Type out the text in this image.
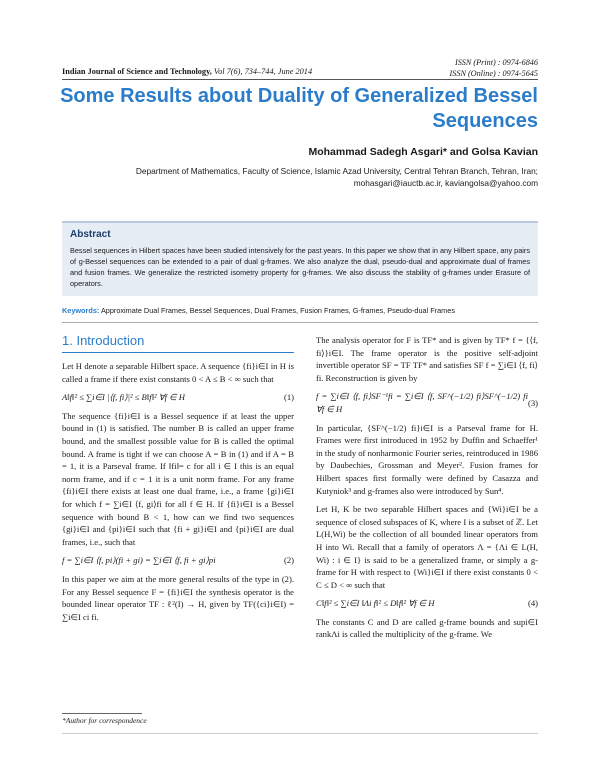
ISSN (Print) : 0974-6846
ISSN (Online) : 0974-5645
Indian Journal of Science and Technology, Vol 7(6), 734–744, June 2014
Some Results about Duality of Generalized Bessel Sequences
Mohammad Sadegh Asgari* and Golsa Kavian
Department of Mathematics, Faculty of Science, Islamic Azad University, Central Tehran Branch, Tehran, Iran; mohasgari@iauctb.ac.ir, kaviangolsa@yahoo.com
Abstract
Bessel sequences in Hilbert spaces have been studied intensively for the past years. In this paper we show that in any Hilbert space, any pairs of g-Bessel sequences can be extended to a pair of dual g-frames. We also analyze the dual, pseudo-dual and approximate dual of frames and fusion frames. We generalize the restricted isometry property for g-frames. We also discuss the stability of g-frames under Erasure of operators.
Keywords: Approximate Dual Frames, Bessel Sequences, Dual Frames, Fusion Frames, G-frames, Pseudo-dual Frames
1. Introduction

Let H denote a separable Hilbert space. A sequence {fi}i∈I in H is called a frame if there exist constants 0 < A ≤ B < ∞ such that

A‖f‖² ≤ ∑i∈I |⟨f, fi⟩|² ≤ B‖f‖² ∀f ∈ H	(1)

The sequence {fi}i∈I is a Bessel sequence if at least the upper bound in (1) is satisfied. The number B is called an upper frame bound, and the smallest possible value for B is called the optimal bound. A frame is tight if we can choose A = B in (1) and if A = B = 1, it is a Parseval frame. If ‖fi‖= c for all i ∈ I this is an equal norm frame, and if c = 1 it is a unit norm frame. For any frame {fi}i∈I there exists at least one dual frame, i.e., a frame {gi}i∈I for which f = ∑i∈I ⟨f, gi⟩fi for all f ∈ H. If {fi}i∈I is a Bessel sequence with bound B < 1, how can we find two sequences {gi}i∈I and {pi}i∈I such that {fi + gi}i∈I and {pi}i∈I are dual frames, i.e., such that

f = ∑i∈I ⟨f, pi⟩(fi + gi) = ∑i∈I ⟨f, fi + gi⟩pi	(2)

In this paper we aim at the more general results of the type in (2). For any Bessel sequence F = {fi}i∈I the synthesis operator is the bounded linear operator TF : ℓ²(I) → H, given by TF({ci}i∈I) = ∑i∈I ci fi.

The analysis operator for F is TF* and is given by TF* f = {⟨f, fi⟩}i∈I. The frame operator is the positive self-adjoint invertible operator SF = TF TF* and satisfies SF f = ∑i∈I ⟨f, fi⟩fi. Reconstruction is given by

f = ∑i∈I ⟨f, fi⟩SF⁻¹fi = ∑i∈I ⟨f, SF^(−1/2) fi⟩SF^(−1/2) fi ∀f ∈ H
(3)

In particular, {SF^(−1/2) fi}i∈I is a Parseval frame for H. Frames were first introduced in 1952 by Duffin and Schaeffer¹ in the study of nonharmonic Fourier series, reintroduced in 1986 by Daubechies, Grossman and Meyer². Fusion frames for Hilbert spaces first formally were defined by Casazza and Kutyniok³ and g-frames also were introduced by Sun⁴.

Let H, K be two separable Hilbert spaces and {Wi}i∈I be a sequence of closed subspaces of K, where I is a subset of ℤ. Let L(H,Wi) be the collection of all bounded linear operators from H into Wi. Recall that a family of operators Λ = {Λi ∈ L(H, Wi) : i ∈ I} is said to be a generalized frame, or simply a g-frame for H with respect to {Wi}i∈I if there exist constants 0 < C ≤ D < ∞ such that

C‖f‖² ≤ ∑i∈I ‖Λi f‖² ≤ D‖f‖² ∀f ∈ H	(4)

The constants C and D are called g-frame bounds and supi∈I rankΛi is called the multiplicity of the g-frame. We

*Author for correspondence
